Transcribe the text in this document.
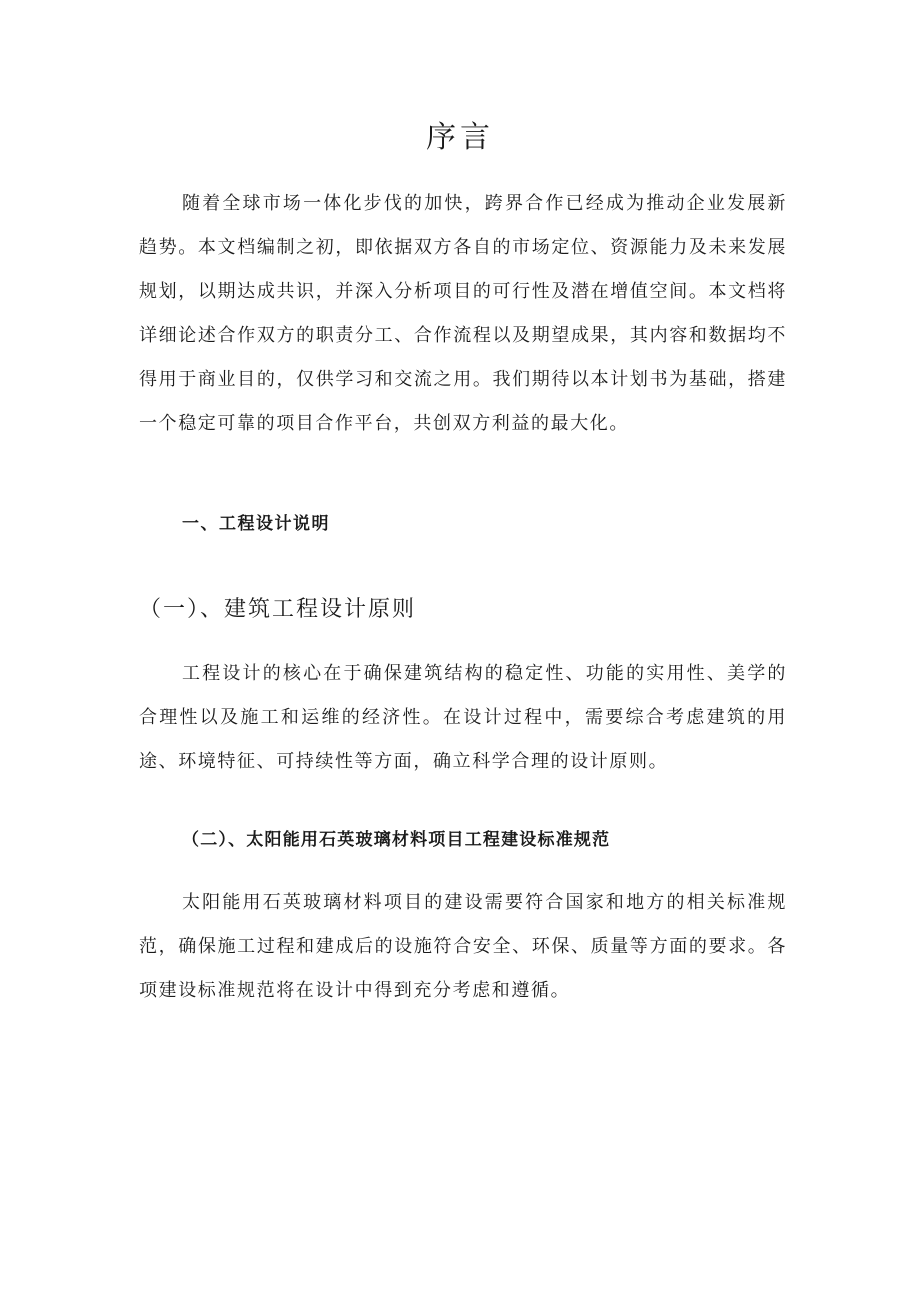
序言

随着全球市场一体化步伐的加快，跨界合作已经成为推动企业发展新趋势。本文档编制之初，即依据双方各自的市场定位、资源能力及未来发展规划，以期达成共识，并深入分析项目的可行性及潜在增值空间。本文档将详细论述合作双方的职责分工、合作流程以及期望成果，其内容和数据均不得用于商业目的，仅供学习和交流之用。我们期待以本计划书为基础，搭建一个稳定可靠的项目合作平台，共创双方利益的最大化。

一、工程设计说明
（一）、建筑工程设计原则

工程设计的核心在于确保建筑结构的稳定性、功能的实用性、美学的合理性以及施工和运维的经济性。在设计过程中，需要综合考虑建筑的用途、环境特征、可持续性等方面，确立科学合理的设计原则。

（二）、太阳能用石英玻璃材料项目工程建设标准规范

太阳能用石英玻璃材料项目的建设需要符合国家和地方的相关标准规范，确保施工过程和建成后的设施符合安全、环保、质量等方面的要求。各项建设标准规范将在设计中得到充分考虑和遵循。
